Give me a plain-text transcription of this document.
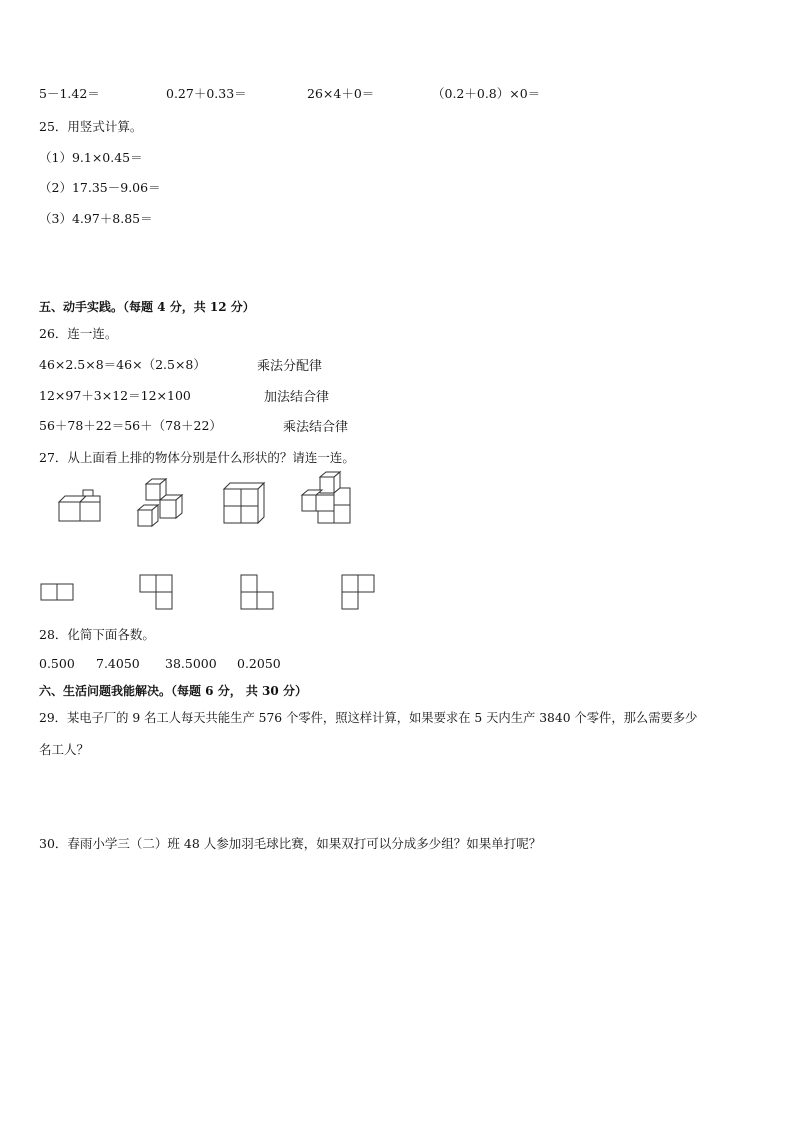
5－1.42＝	0.27＋0.33＝	26×4＋0＝	（0.2＋0.8）×0＝
25．用竖式计算。
（1）9.1×0.45＝
（2）17.35－9.06＝
（3）4.97＋8.85＝
五、动手实践。（每题 4 分，共 12 分）
26．连一连。
46×2.5×8＝46×（2.5×8）
12×97＋3×12＝12×100
56＋78＋22＝56＋（78＋22）
乘法分配律
加法结合律
乘法结合律
27．从上面看上排的物体分别是什么形状的？请连一连。
28．化简下面各数。
0.500 7.4050 38.5000 0.2050
六、生活问题我能解决。（每题 6 分， 共 30 分）
29．某电子厂的 9 名工人每天共能生产 576 个零件，照这样计算，如果要求在 5 天内生产 3840 个零件，那么需要多少
名工人？
30．春雨小学三（二）班 48 人参加羽毛球比赛，如果双打可以分成多少组？如果单打呢？
